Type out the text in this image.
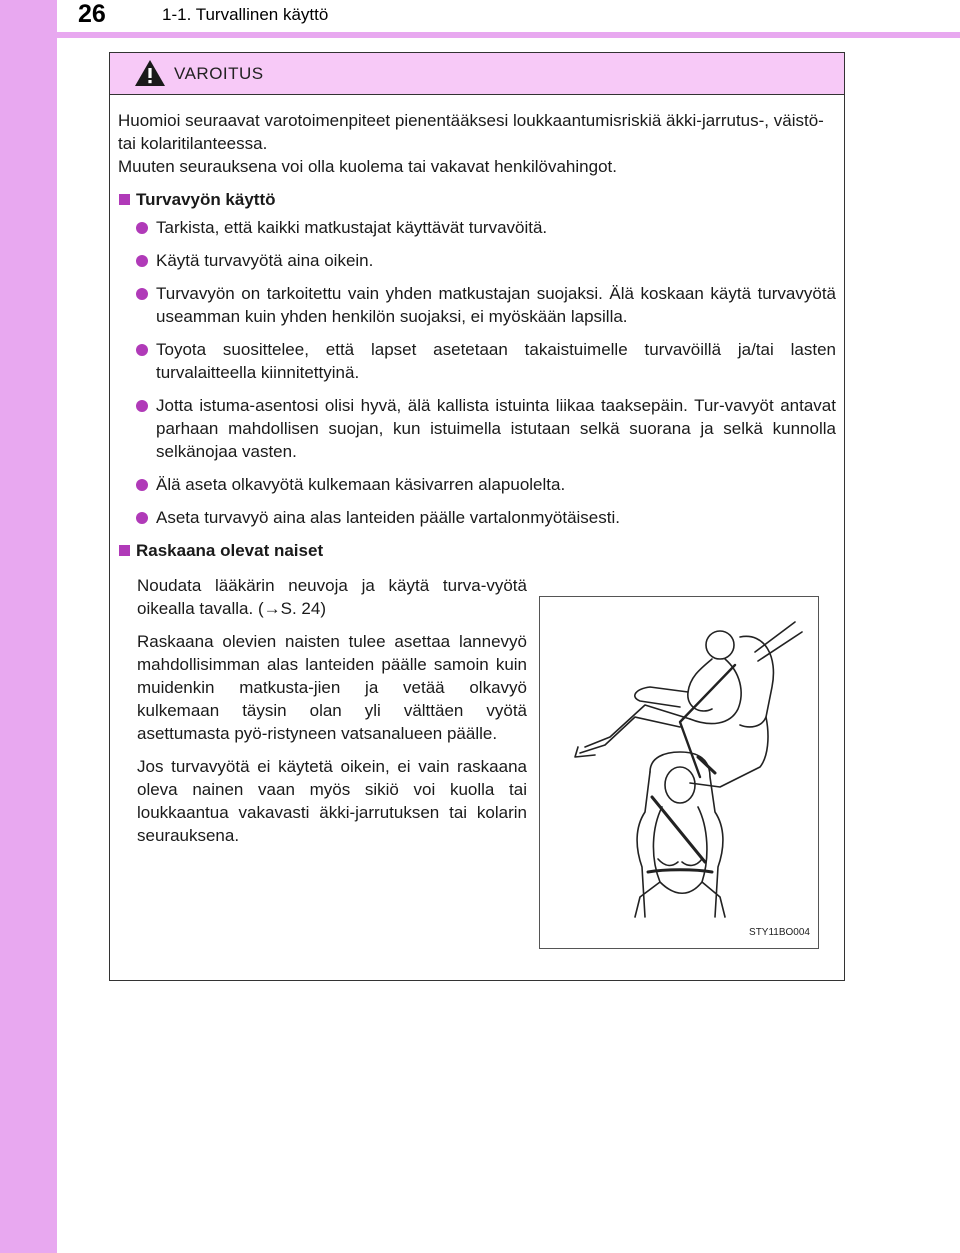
26	1-1. Turvallinen käyttö
VAROITUS

Huomioi seuraavat varotoimenpiteet pienentääksesi loukkaantumisriskiä äkki-jarrutus-, väistö- tai kolaritilanteessa.

Muuten seurauksena voi olla kuolema tai vakavat henkilövahingot.

Turvavyön käyttö
Tarkista, että kaikki matkustajat käyttävät turvavöitä.
Käytä turvavyötä aina oikein.
Turvavyön on tarkoitettu vain yhden matkustajan suojaksi. Älä koskaan käytä turvavyötä useamman kuin yhden henkilön suojaksi, ei myöskään lapsilla.
Toyota suosittelee, että lapset asetetaan takaistuimelle turvavöillä ja/tai lasten turvalaitteella kiinnitettyinä.
Jotta istuma-asentosi olisi hyvä, älä kallista istuinta liikaa taaksepäin. Tur-vavyöt antavat parhaan mahdollisen suojan, kun istuimella istutaan selkä suorana ja selkä kunnolla selkänojaa vasten.
Älä aseta olkavyötä kulkemaan käsivarren alapuolelta.
Aseta turvavyö aina alas lanteiden päälle vartalonmyötäisesti.
Raskaana olevat naiset

Noudata lääkärin neuvoja ja käytä turva-vyötä oikealla tavalla. (→S. 24)

Raskaana olevien naisten tulee asettaa lannevyö mahdollisimman alas lanteiden päälle samoin kuin muidenkin matkusta-jien ja vetää olkavyö kulkemaan täysin olan yli välttäen vyötä asettumasta pyö-ristyneen vatsanalueen päälle.

Jos turvavyötä ei käytetä oikein, ei vain raskaana oleva nainen vaan myös sikiö voi kuolla tai loukkaantua vakavasti äkki-jarrutuksen tai kolarin seurauksena.

STY11BO004
